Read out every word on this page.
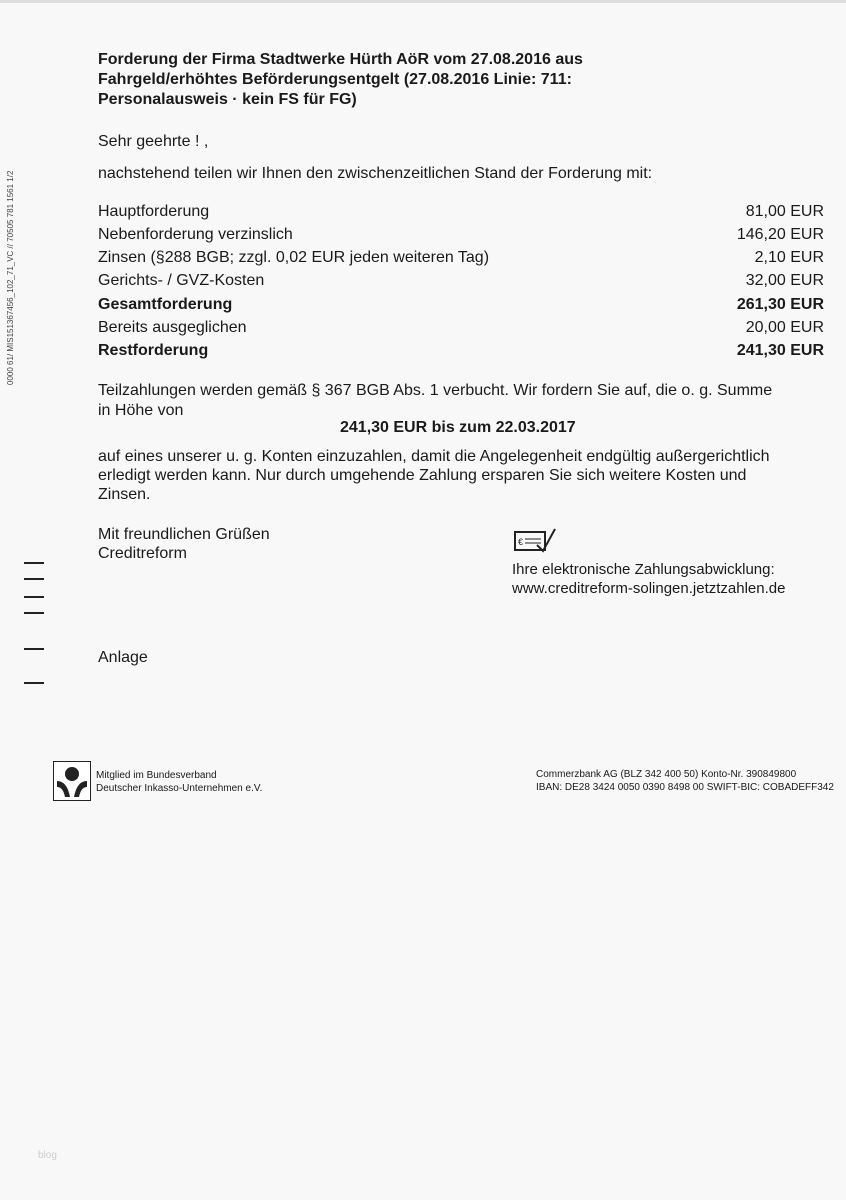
0000 61/ MIS151367456_102_71_VC // 70505 781 1561 1/2
Forderung der Firma Stadtwerke Hürth AöR vom 27.08.2016 aus
Fahrgeld/erhöhtes Beförderungsentgelt (27.08.2016 Linie: 711:
Personalausweis · kein FS für FG)
Sehr geehrte ! ,
nachstehend teilen wir Ihnen den zwischenzeitlichen Stand der Forderung mit:
Hauptforderung	81,00 EUR
Nebenforderung verzinslich	146,20 EUR
Zinsen (§288 BGB; zzgl. 0,02 EUR jeden weiteren Tag)	2,10 EUR
Gerichts- / GVZ-Kosten	32,00 EUR
Gesamtforderung	261,30 EUR
Bereits ausgeglichen	20,00 EUR
Restforderung	241,30 EUR
Teilzahlungen werden gemäß § 367 BGB Abs. 1 verbucht. Wir fordern Sie auf, die o. g. Summe
in Höhe von
241,30 EUR bis zum 22.03.2017
auf eines unserer u. g. Konten einzuzahlen, damit die Angelegenheit endgültig außergerichtlich
erledigt werden kann. Nur durch umgehende Zahlung ersparen Sie sich weitere Kosten und
Zinsen.
Mit freundlichen Grüßen
Creditreform
€
Ihre elektronische Zahlungsabwicklung:
www.creditreform-solingen.jetztzahlen.de
Anlage
Mitglied im Bundesverband
Deutscher Inkasso-Unternehmen e.V.
Commerzbank AG (BLZ 342 400 50) Konto-Nr. 390849800
IBAN: DE28 3424 0050 0390 8498 00 SWIFT-BIC: COBADEFF342
blog
